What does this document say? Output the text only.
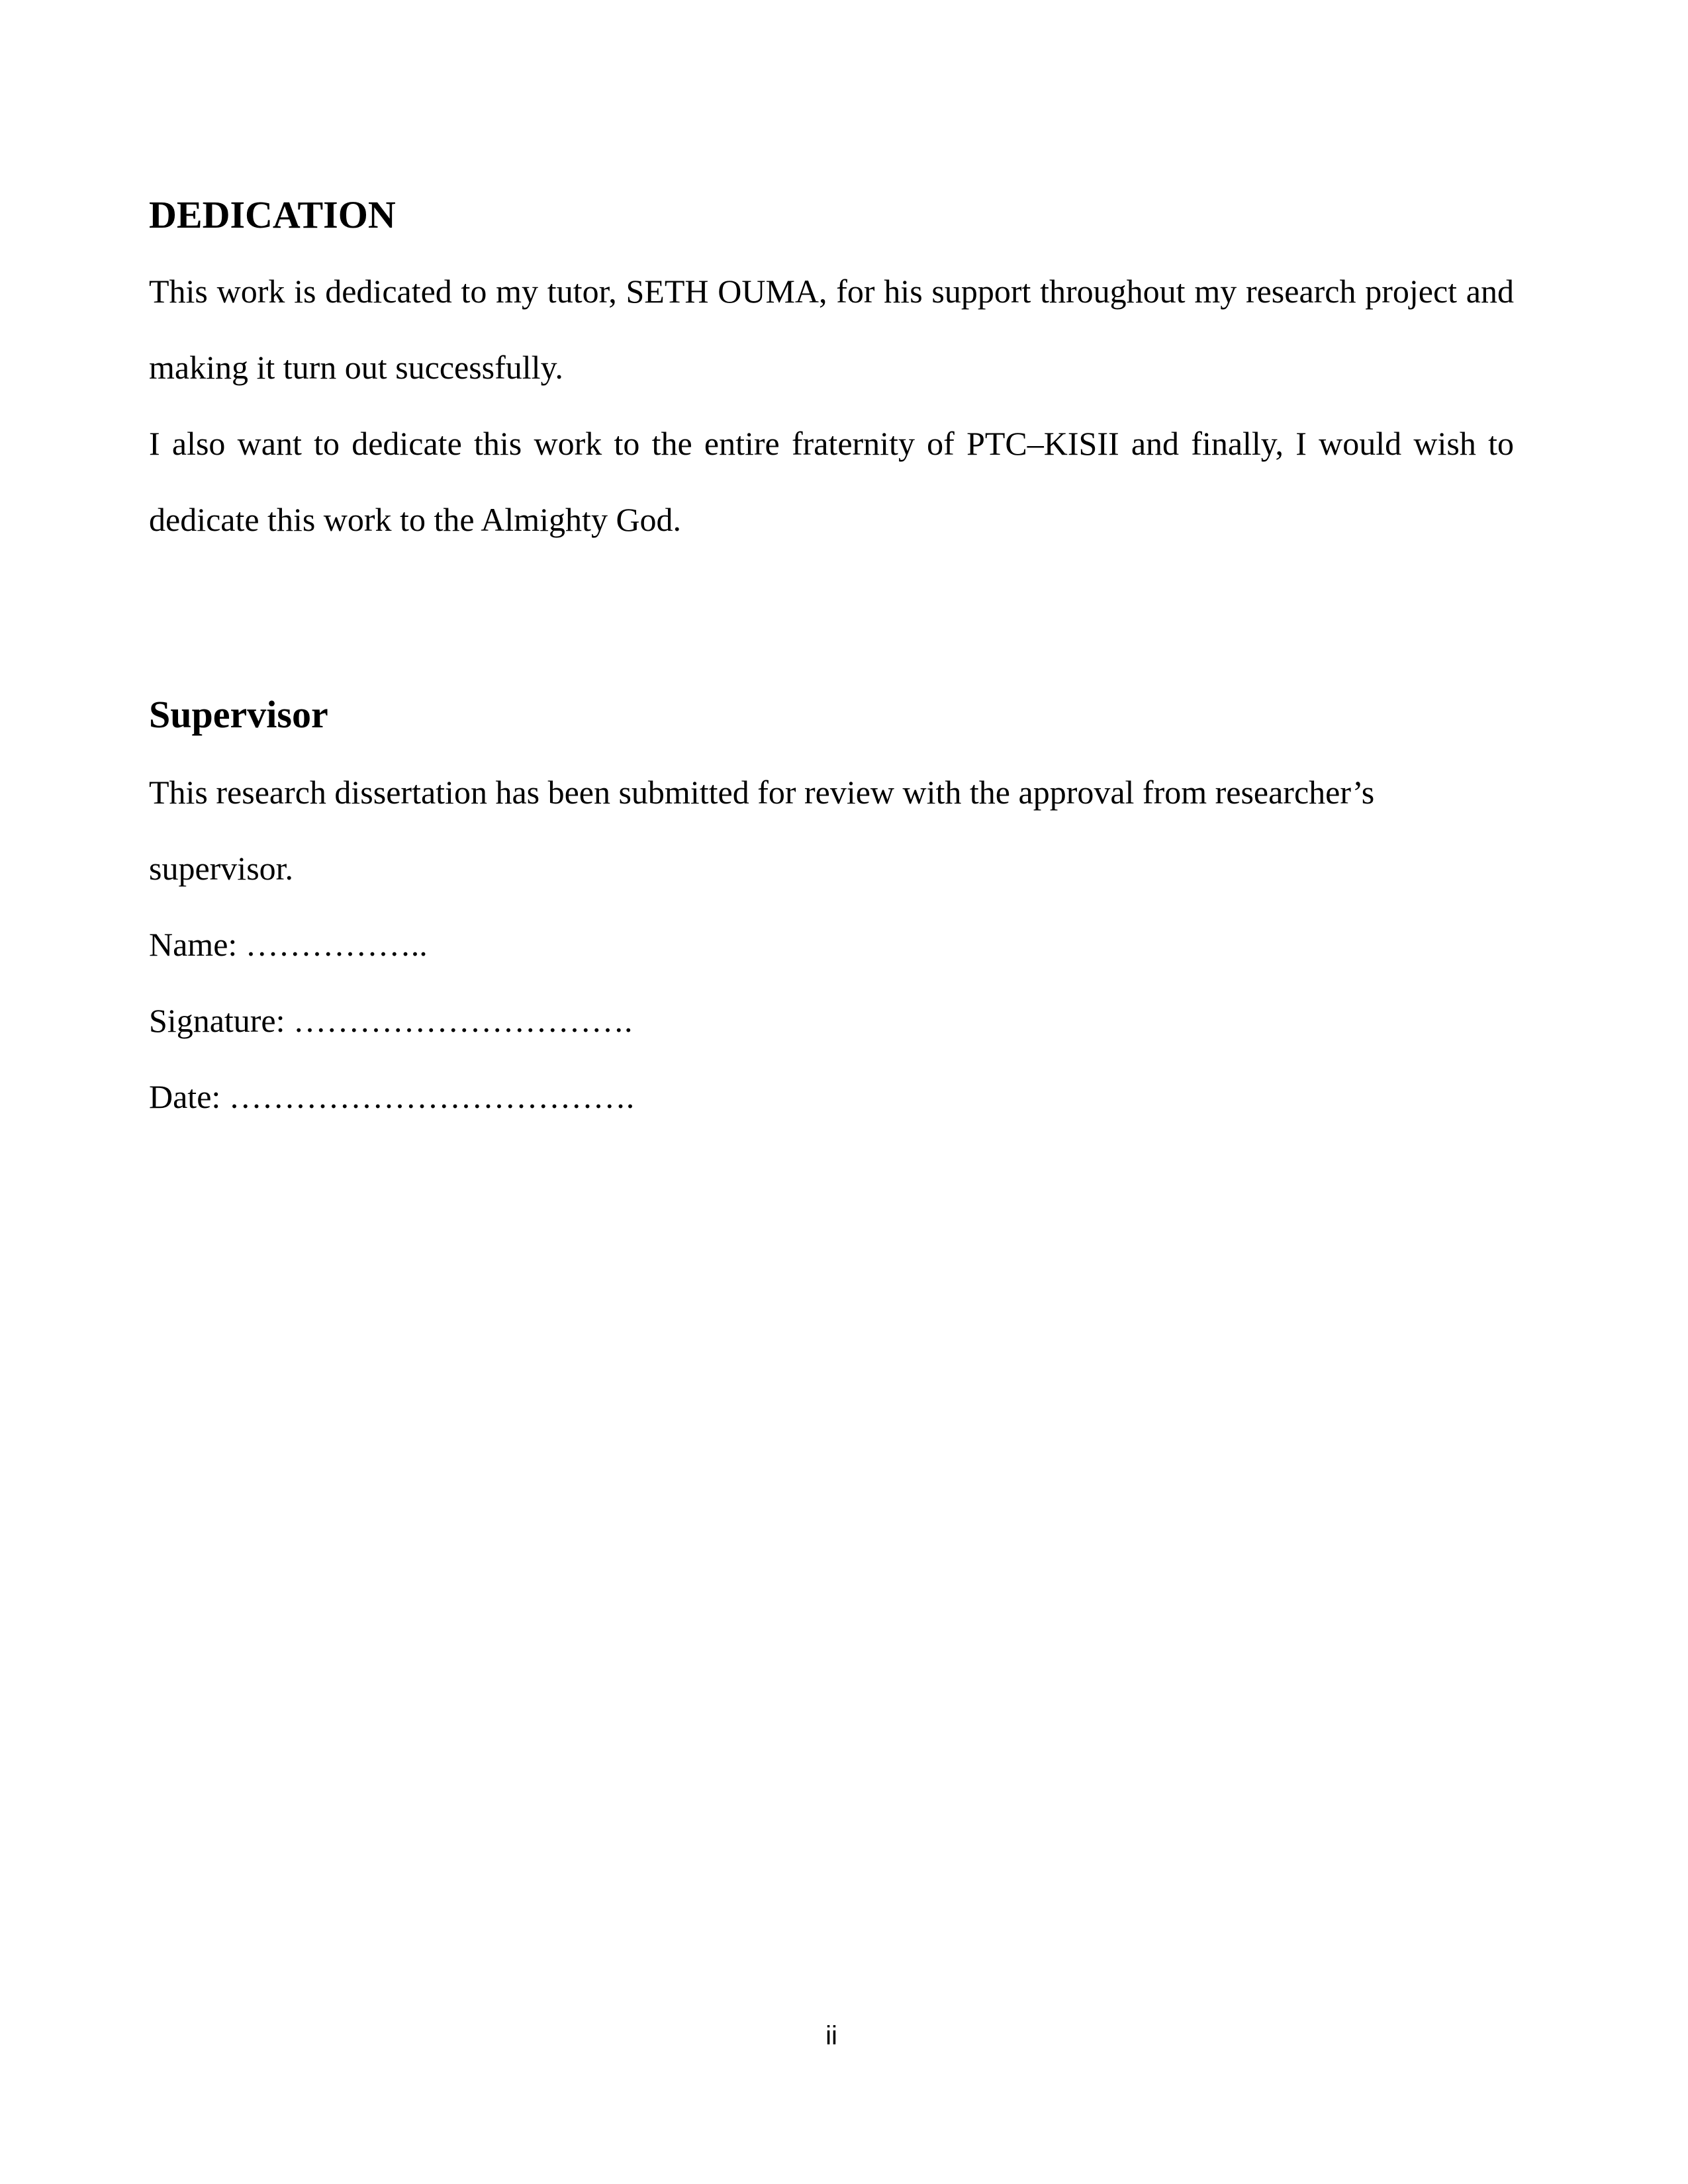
DEDICATION
This work is dedicated to my tutor, SETH OUMA, for his support throughout my research project and
making it turn out successfully.
I also want to dedicate this work to the entire fraternity of PTC–KISII and finally, I would wish to
dedicate this work to the Almighty God.
Supervisor
This research dissertation has been submitted for review with the approval from researcher’s
supervisor.
Name: ……………..
Signature: ………………………….
Date: ……………………………….
ii
